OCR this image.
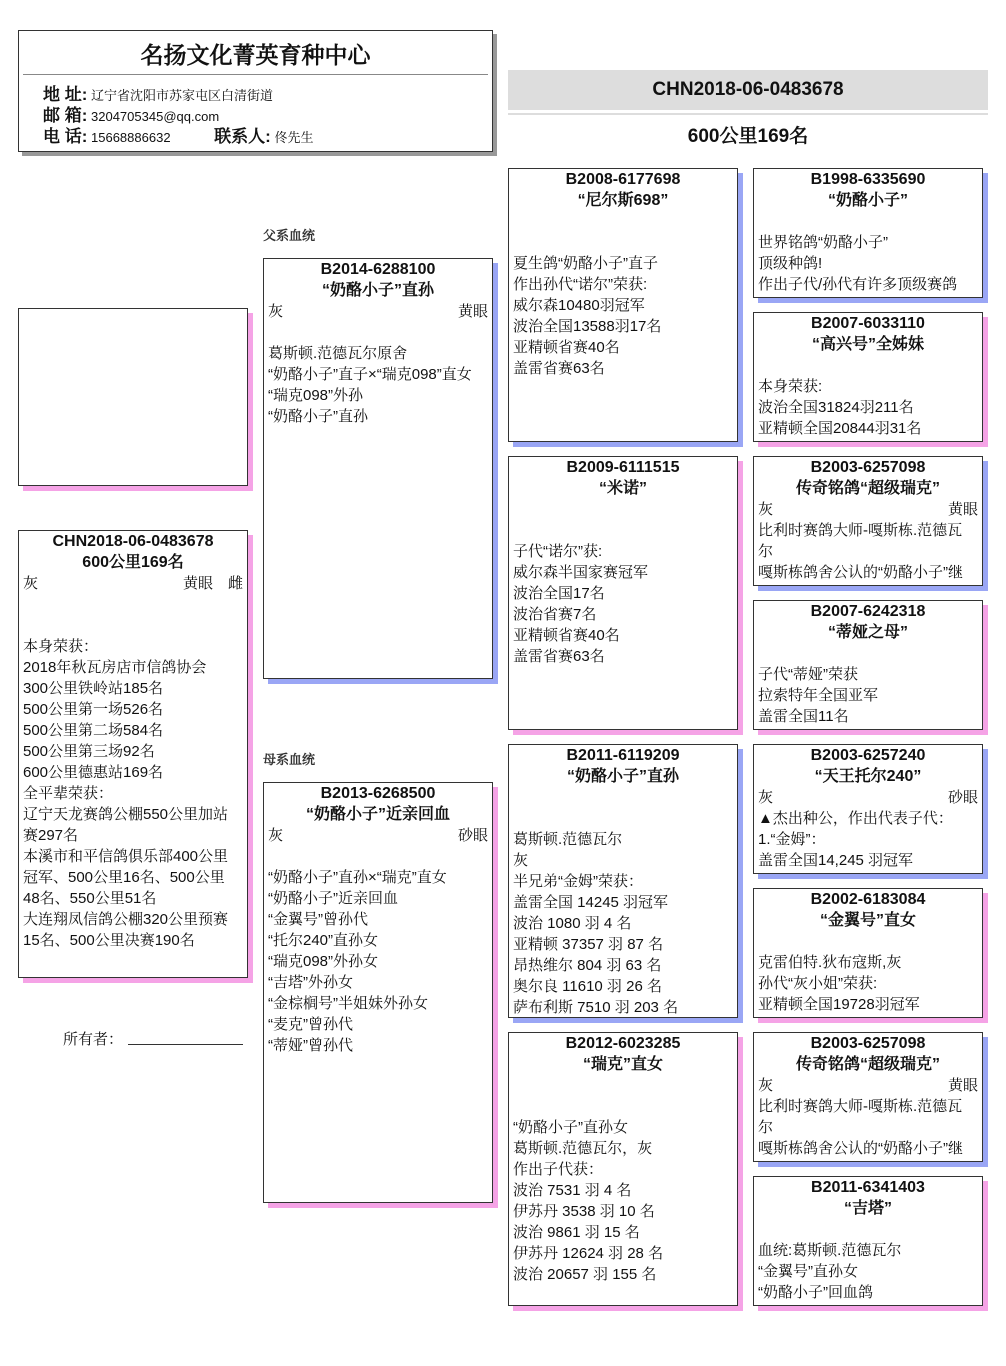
名扬文化菁英育种中心
地 址: 辽宁省沈阳市苏家屯区白清街道
邮 箱: 3204705345@qq.com
电 话: 15668886632	联系人: 佟先生
CHN2018-06-0483678
600公里169名
父系血统
母系血统
所有者：
CHN2018-06-0483678
600公里169名
灰	黄眼　雌
本身荣获：
2018年秋瓦房店市信鸽协会
300公里铁岭站185名
500公里第一场526名
500公里第二场584名
500公里第三场92名
600公里德惠站169名
全平辈荣获：
辽宁天龙赛鸽公棚550公里加站
赛297名
本溪市和平信鸽俱乐部400公里
冠军、500公里16名、500公里
48名、550公里51名
大连翔凤信鸽公棚320公里预赛
15名、500公里决赛190名
B2014-6288100
“奶酪小子”直孙
灰	黄眼
葛斯顿.范德瓦尔原舍
“奶酪小子”直子×“瑞克098”直女
“瑞克098”外孙
“奶酪小子”直孙
B2013-6268500
“奶酪小子”近亲回血
灰	砂眼
“奶酪小子”直孙×“瑞克”直女
“奶酪小子”近亲回血
“金翼号”曾孙代
“托尔240”直孙女
“瑞克098”外孙女
“吉塔”外孙女
“金棕榈号”半姐妹外孙女
“麦克”曾孙代
“蒂娅”曾孙代
B2008-6177698
“尼尔斯698”
夏生鸽“奶酪小子”直子
作出孙代“诺尔”荣获:
威尔森10480羽冠军
波治全国13588羽17名
亚精顿省赛40名
盖雷省赛63名
B2009-6111515
“米诺”
子代“诺尔”获:
威尔森半国家赛冠军
波治全国17名
波治省赛7名
亚精顿省赛40名
盖雷省赛63名
B2011-6119209
“奶酪小子”直孙
葛斯顿.范德瓦尔
灰
半兄弟“金姆”荣获：
盖雷全国 14245 羽冠军
波治 1080 羽 4 名
亚精顿 37357 羽 87 名
昂热维尔 804 羽 63 名
奥尔良 11610 羽 26 名
萨布利斯 7510 羽 203 名
B2012-6023285
“瑞克”直女
“奶酪小子”直孙女
葛斯顿.范德瓦尔，灰
作出子代获：
波治 7531 羽 4 名
伊苏丹 3538 羽 10 名
波治 9861 羽 15 名
伊苏丹 12624 羽 28 名
波治 20657 羽 155 名
B1998-6335690
“奶酪小子”
世界铭鸽“奶酪小子”
顶级种鸽!
作出子代/孙代有许多顶级赛鸽
B2007-6033110
“高兴号”全姊妹
本身荣获:
波治全国31824羽211名
亚精顿全国20844羽31名
B2003-6257098
传奇铭鸽“超级瑞克”
灰	黄眼
比利时赛鸽大师-嘎斯栋.范德瓦
尔
嘎斯栋鸽舍公认的“奶酪小子”继
B2007-6242318
“蒂娅之母”
子代“蒂娅”荣获
拉索特年全国亚军
盖雷全国11名
B2003-6257240
“天王托尔240”
灰	砂眼
▲杰出种公，作出代表子代：
1.“金姆”：
盖雷全国14,245 羽冠军
B2002-6183084
“金翼号”直女
克雷伯特.狄布寇斯,灰
孙代“灰小姐”荣获:
亚精顿全国19728羽冠军
B2003-6257098
传奇铭鸽“超级瑞克”
灰	黄眼
比利时赛鸽大师-嘎斯栋.范德瓦
尔
嘎斯栋鸽舍公认的“奶酪小子”继
B2011-6341403
“吉塔”
血统:葛斯顿.范德瓦尔
“金翼号”直孙女
“奶酪小子”回血鸽
